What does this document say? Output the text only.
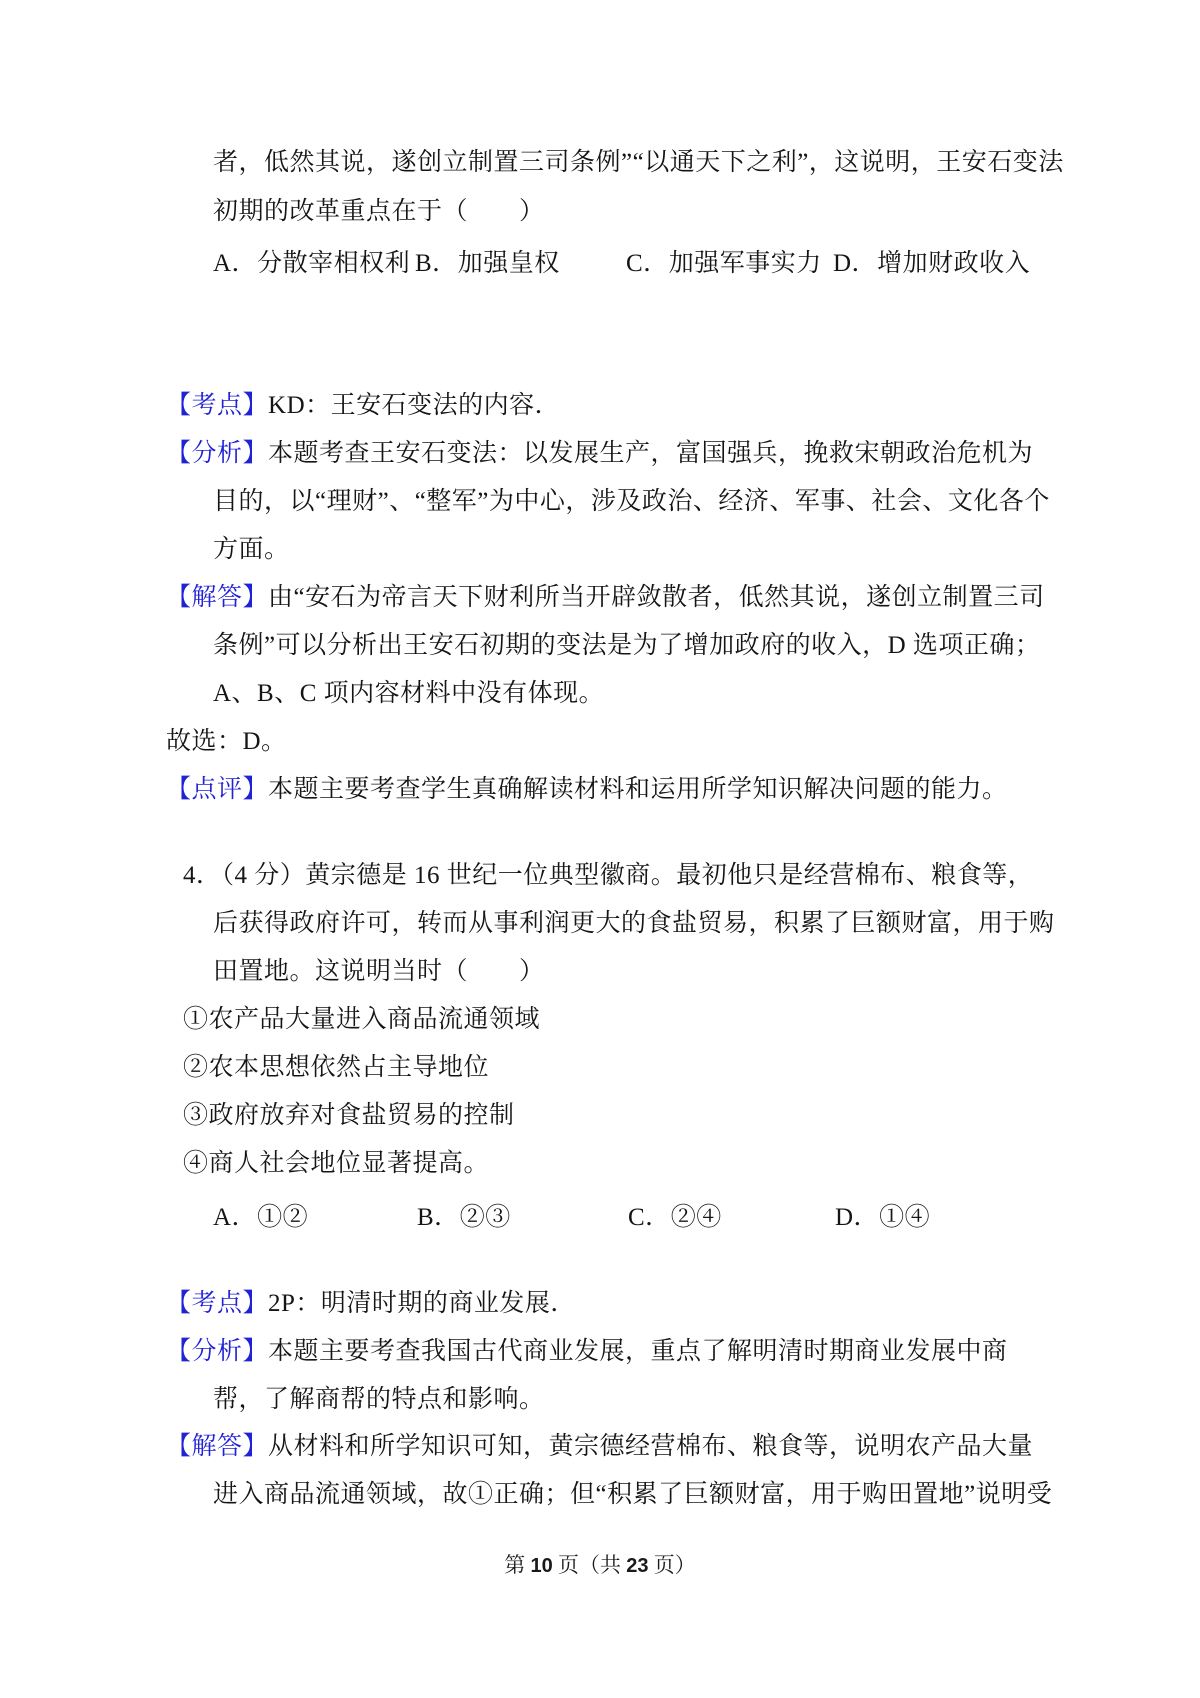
者，低然其说，遂创立制置三司条例”“以通天下之利”，这说明，王安石变法
初期的改革重点在于（　　）
A．分散宰相权利 B．加强皇权	C．加强军事实力 D．增加财政收入
【考点】KD：王安石变法的内容．
【分析】本题考查王安石变法：以发展生产，富国强兵，挽救宋朝政治危机为
目的，以“理财”、“整军”为中心，涉及政治、经济、军事、社会、文化各个
方面。
【解答】由“安石为帝言天下财利所当开辟敛散者，低然其说，遂创立制置三司
条例”可以分析出王安石初期的变法是为了增加政府的收入，D 选项正确；
A、B、C 项内容材料中没有体现。
故选：D。
【点评】本题主要考查学生真确解读材料和运用所学知识解决问题的能力。
4．（4 分）黄宗德是 16 世纪一位典型徽商。最初他只是经营棉布、粮食等，
后获得政府许可，转而从事利润更大的食盐贸易，积累了巨额财富，用于购
田置地。这说明当时（　　）
①农产品大量进入商品流通领域
②农本思想依然占主导地位
③政府放弃对食盐贸易的控制
④商人社会地位显著提高。
A．①②	B．②③	C．②④	D．①④
【考点】2P：明清时期的商业发展．
【分析】本题主要考查我国古代商业发展，重点了解明清时期商业发展中商
帮，了解商帮的特点和影响。
【解答】从材料和所学知识可知，黄宗德经营棉布、粮食等，说明农产品大量
进入商品流通领域，故①正确；但“积累了巨额财富，用于购田置地”说明受
第 10 页（共 23 页）
